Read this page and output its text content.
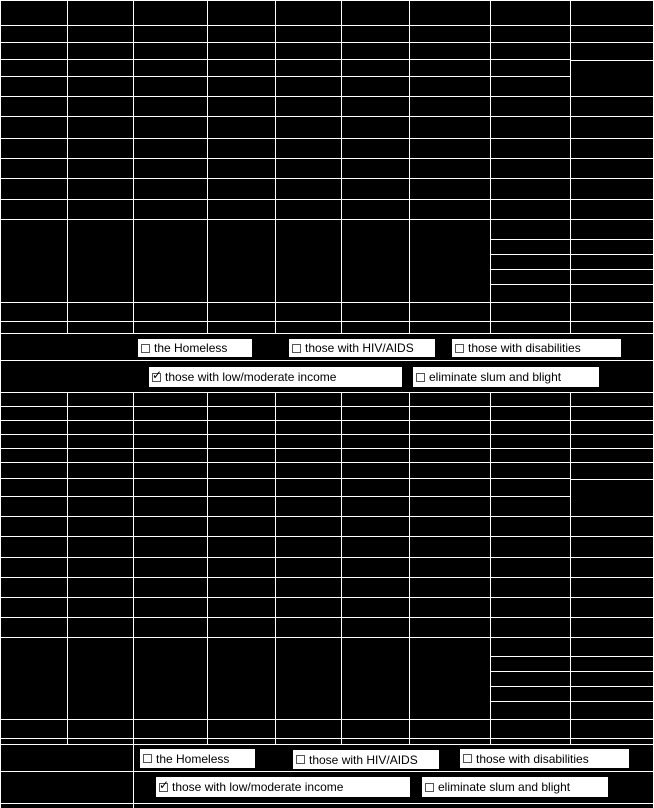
the Homeless	those with HIV/AIDS	those with disabilities
✓
those with low/moderate income	eliminate slum and blight
the Homeless	those with HIV/AIDS	those with disabilities
✓
those with low/moderate income	eliminate slum and blight
